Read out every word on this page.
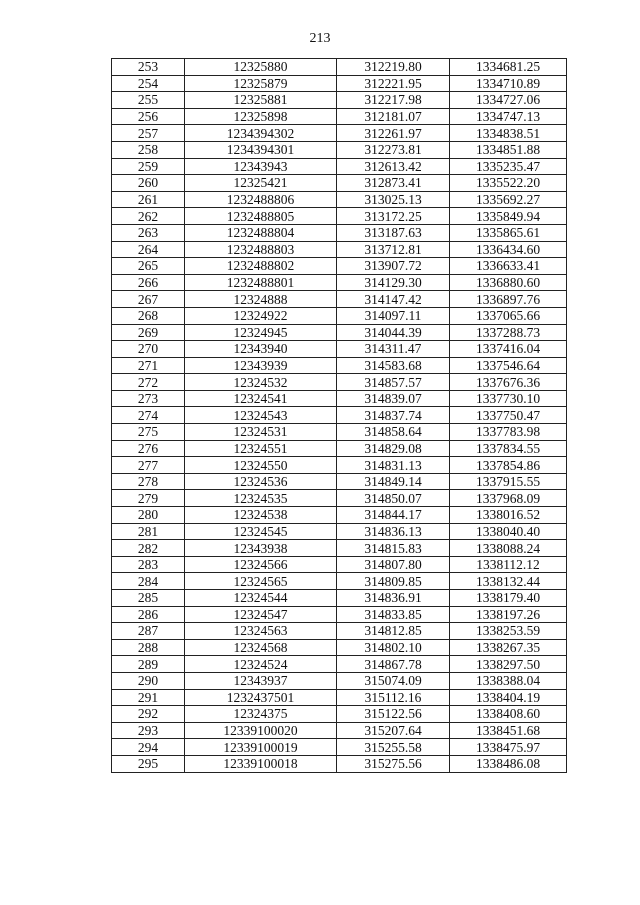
213
253	12325880	312219.80	1334681.25
254	12325879	312221.95	1334710.89
255	12325881	312217.98	1334727.06
256	12325898	312181.07	1334747.13
257	1234394302	312261.97	1334838.51
258	1234394301	312273.81	1334851.88
259	12343943	312613.42	1335235.47
260	12325421	312873.41	1335522.20
261	1232488806	313025.13	1335692.27
262	1232488805	313172.25	1335849.94
263	1232488804	313187.63	1335865.61
264	1232488803	313712.81	1336434.60
265	1232488802	313907.72	1336633.41
266	1232488801	314129.30	1336880.60
267	12324888	314147.42	1336897.76
268	12324922	314097.11	1337065.66
269	12324945	314044.39	1337288.73
270	12343940	314311.47	1337416.04
271	12343939	314583.68	1337546.64
272	12324532	314857.57	1337676.36
273	12324541	314839.07	1337730.10
274	12324543	314837.74	1337750.47
275	12324531	314858.64	1337783.98
276	12324551	314829.08	1337834.55
277	12324550	314831.13	1337854.86
278	12324536	314849.14	1337915.55
279	12324535	314850.07	1337968.09
280	12324538	314844.17	1338016.52
281	12324545	314836.13	1338040.40
282	12343938	314815.83	1338088.24
283	12324566	314807.80	1338112.12
284	12324565	314809.85	1338132.44
285	12324544	314836.91	1338179.40
286	12324547	314833.85	1338197.26
287	12324563	314812.85	1338253.59
288	12324568	314802.10	1338267.35
289	12324524	314867.78	1338297.50
290	12343937	315074.09	1338388.04
291	1232437501	315112.16	1338404.19
292	12324375	315122.56	1338408.60
293	12339100020	315207.64	1338451.68
294	12339100019	315255.58	1338475.97
295	12339100018	315275.56	1338486.08
